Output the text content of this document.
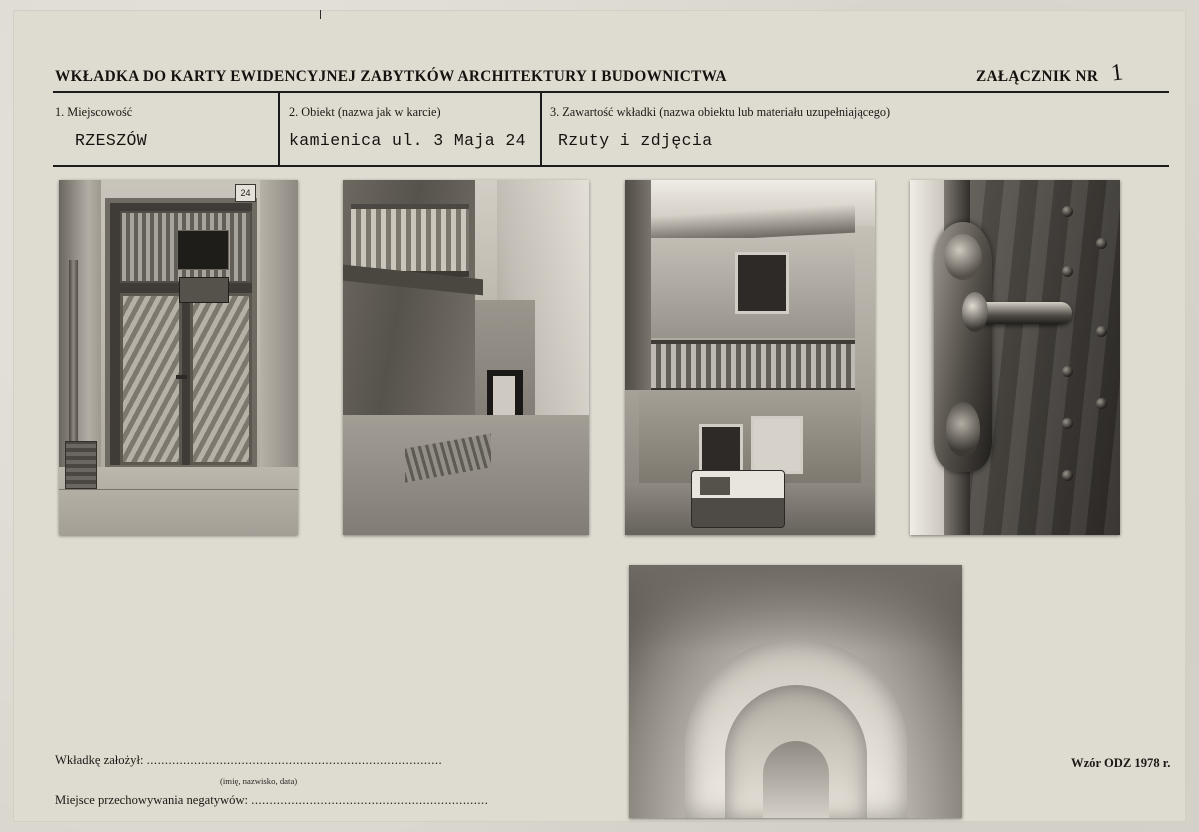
WKŁADKA DO KARTY EWIDENCYJNEJ ZABYTKÓW ARCHITEKTURY I BUDOWNICTWA	ZAŁĄCZNIK NR 1
1. Miejscowość
RZESZÓW
2. Obiekt (nazwa jak w karcie)
kamienica ul. 3 Maja 24
3. Zawartość wkładki (nazwa obiektu lub materiału uzupełniającego)
Rzuty i zdjęcia
24
Wkładkę założył: .................................................................................
(imię, nazwisko, data)
Miejsce przechowywania negatywów: .................................................................
Wzór ODZ 1978 r.
